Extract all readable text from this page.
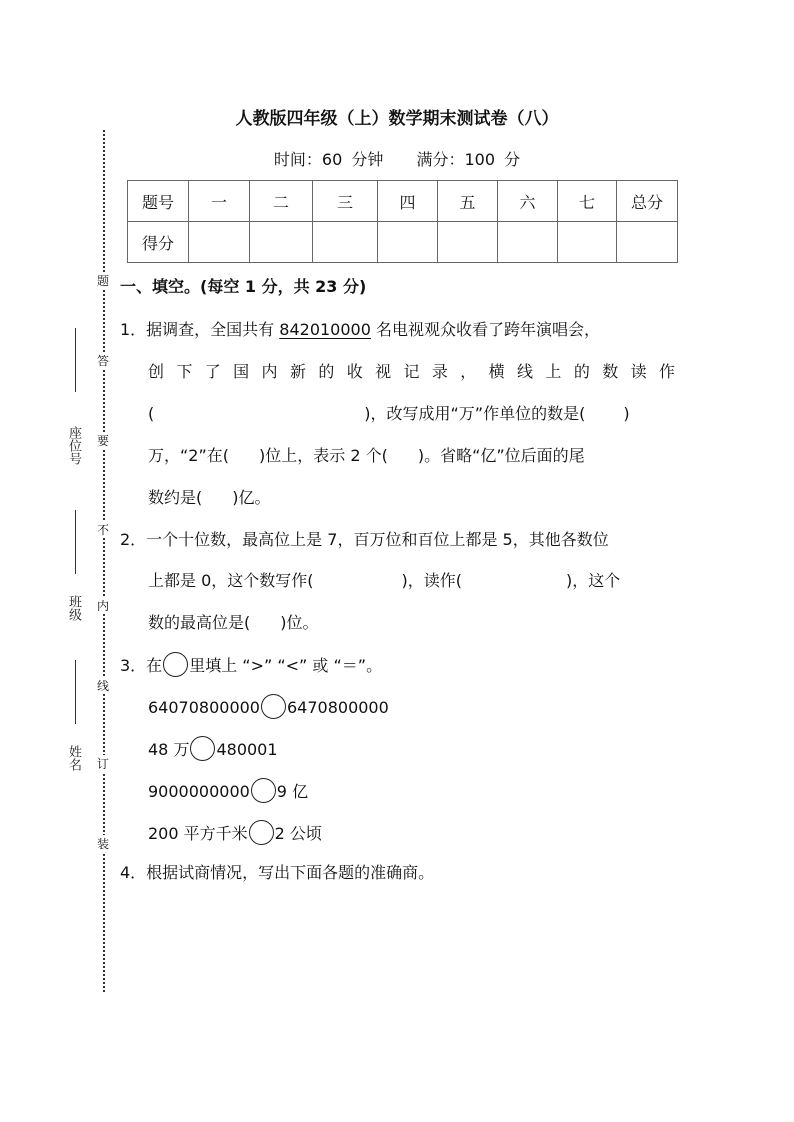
座位号
班级
姓名
题
答
要
不
内
线
订
装
人教版四年级（上）数学期末测试卷（八）
时间：60 分钟 满分：100 分
题号	一	二	三	四	五	六	七	总分
得分								
一、填空。(每空 1 分，共 23 分)
1．据调查，全国共有 842010000 名电视观众收看了跨年演唱会，
创下了国内新的收视记录，横线上的数读作
(	)，改写成用“万”作单位的数是( )
万，“2”在( )位上，表示 2 个( )。省略“亿”位后面的尾
数约是( )亿。
2．一个十位数，最高位上是 7，百万位和百位上都是 5，其他各数位
上都是 0，这个数写作(	)，读作(	)，这个
数的最高位是( )位。
3．在 里填上 “>” “<” 或 “＝”。
64070800000 6470800000
48 万 480001
9000000000 9 亿
200 平方千米 2 公顷
4．根据试商情况，写出下面各题的准确商。
